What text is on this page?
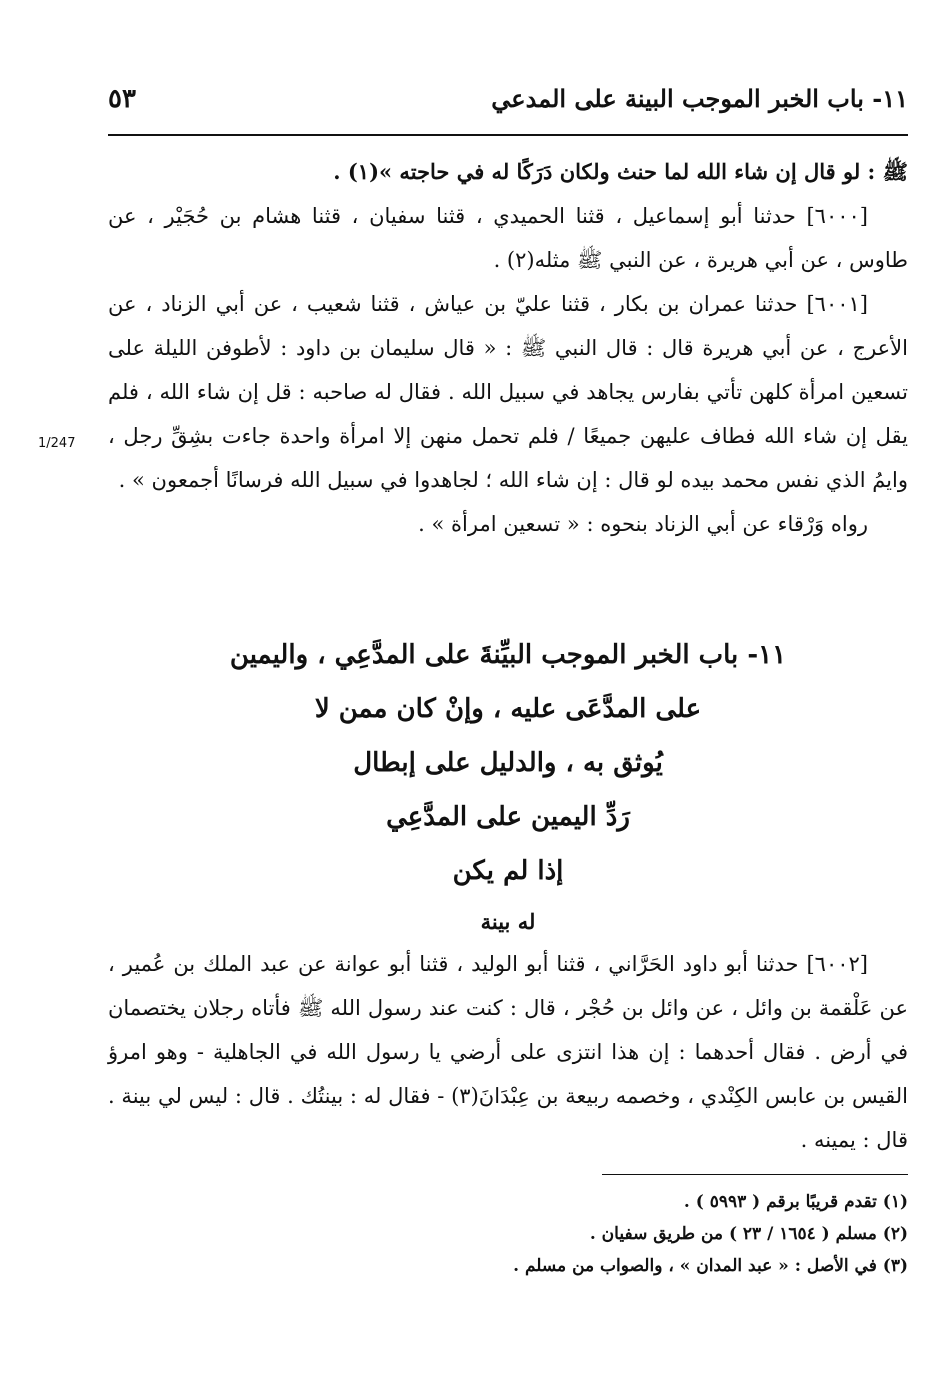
١١- باب الخبر الموجب البينة على المدعي
٥٣
1/247

ﷺ : لو قال إن شاء الله لما حنث ولكان دَرَكًا له في حاجته »(١) .

[٦٠٠٠] حدثنا أبو إسماعيل ، قثنا الحميدي ، قثنا سفيان ، قثنا هشام بن حُجَيْر ، عن طاوس ، عن أبي هريرة ، عن النبي ﷺ مثله(٢) .

[٦٠٠١] حدثنا عمران بن بكار ، قثنا عليّ بن عياش ، قثنا شعيب ، عن أبي الزناد ، عن الأعرج ، عن أبي هريرة قال : قال النبي ﷺ : « قال سليمان بن داود : لأطوفن الليلة على تسعين امرأة كلهن تأتي بفارس يجاهد في سبيل الله . فقال له صاحبه : قل إن شاء الله ، فلم يقل إن شاء الله فطاف عليهن جميعًا / فلم تحمل منهن إلا امرأة واحدة جاءت بشِقِّ رجل ، وايمُ الذي نفس محمد بيده لو قال : إن شاء الله ؛ لجاهدوا في سبيل الله فرسانًا أجمعون » .

رواه وَرْقاء عن أبي الزناد بنحوه : « تسعين امرأة » .

١١- باب الخبر الموجب البيِّنةَ على المدَّعِي ، واليمين
على المدَّعَى عليه ، وإنْ كان ممن لا
يُوثق به ، والدليل على إبطال
رَدِّ اليمين على المدَّعِي
إذا لم يكن
له بينة

[٦٠٠٢] حدثنا أبو داود الحَرَّاني ، قثنا أبو الوليد ، قثنا أبو عوانة عن عبد الملك بن عُمير ، عن عَلْقمة بن وائل ، عن وائل بن حُجْر ، قال : كنت عند رسول الله ﷺ فأتاه رجلان يختصمان في أرض . فقال أحدهما : إن هذا انتزى على أرضي يا رسول الله في الجاهلية - وهو امرؤ القيس بن عابس الكِنْدي ، وخصمه ربيعة بن عِبْدَانَ(٣) - فقال له : بينتُك . قال : ليس لي بينة . قال : يمينه .

(١) تقدم قريبًا برقم ( ٥٩٩٣ ) .
(٢) مسلم ( ١٦٥٤ / ٢٣ ) من طريق سفيان .
(٣) في الأصل : « عبد المدان » ، والصواب من مسلم .
